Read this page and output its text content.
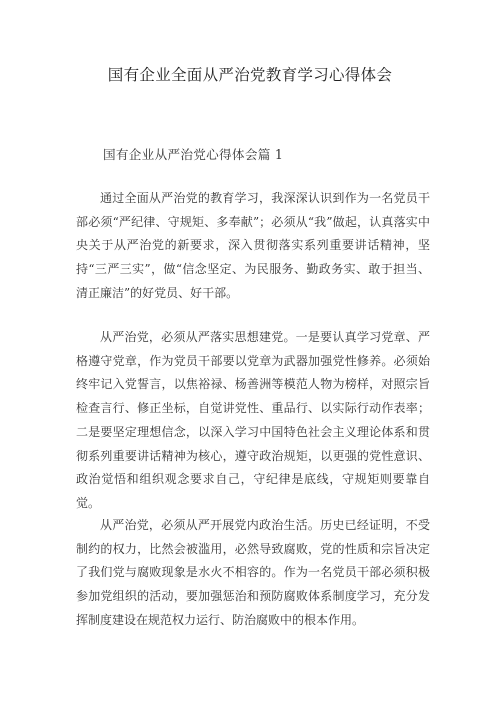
国有企业全面从严治党教育学习心得体会
国有企业从严治党心得体会篇 1

通过全面从严治党的教育学习，我深深认识到作为一名党员干部必须“严纪律、守规矩、多奉献”；必须从“我”做起，认真落实中央关于从严治党的新要求，深入贯彻落实系列重要讲话精神，坚持“三严三实”，做“信念坚定、为民服务、勤政务实、敢于担当、清正廉洁”的好党员、好干部。

从严治党，必须从严落实思想建党。一是要认真学习党章、严格遵守党章，作为党员干部要以党章为武器加强党性修养。必须始终牢记入党誓言，以焦裕禄、杨善洲等模范人物为榜样，对照宗旨检查言行、修正坐标，自觉讲党性、重品行、以实际行动作表率；二是要坚定理想信念，以深入学习中国特色社会主义理论体系和贯彻系列重要讲话精神为核心，遵守政治规矩，以更强的党性意识、政治觉悟和组织观念要求自己，守纪律是底线，守规矩则要靠自觉。

从严治党，必须从严开展党内政治生活。历史已经证明，不受制约的权力，比然会被滥用，必然导致腐败，党的性质和宗旨决定了我们党与腐败现象是水火不相容的。作为一名党员干部必须积极参加党组织的活动，要加强惩治和预防腐败体系制度学习，充分发挥制度建设在规范权力运行、防治腐败中的根本作用。
